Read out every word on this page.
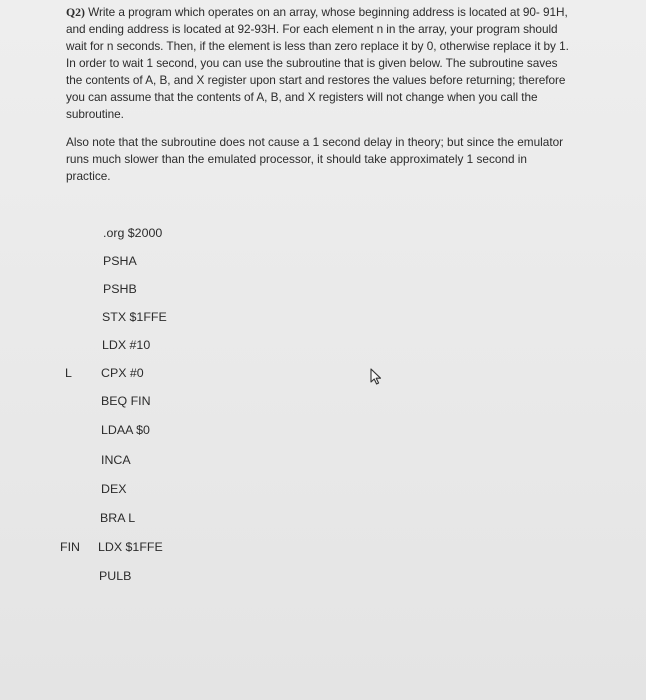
Q2) Write a program which operates on an array, whose beginning address is located at 90- 91H, and ending address is located at 92-93H. For each element n in the array, your program should wait for n seconds. Then, if the element is less than zero replace it by 0, otherwise replace it by 1. In order to wait 1 second, you can use the subroutine that is given below. The subroutine saves the contents of A, B, and X register upon start and restores the values before returning; therefore you can assume that the contents of A, B, and X registers will not change when you call the subroutine.

Also note that the subroutine does not cause a 1 second delay in theory; but since the emulator runs much slower than the emulated processor, it should take approximately 1 second in practice.

.org $2000
PSHA
PSHB
STX $1FFE
LDX #10
L CPX #0
BEQ FIN
LDAA $0
INCA
DEX
BRA L
FIN LDX $1FFE
PULB
